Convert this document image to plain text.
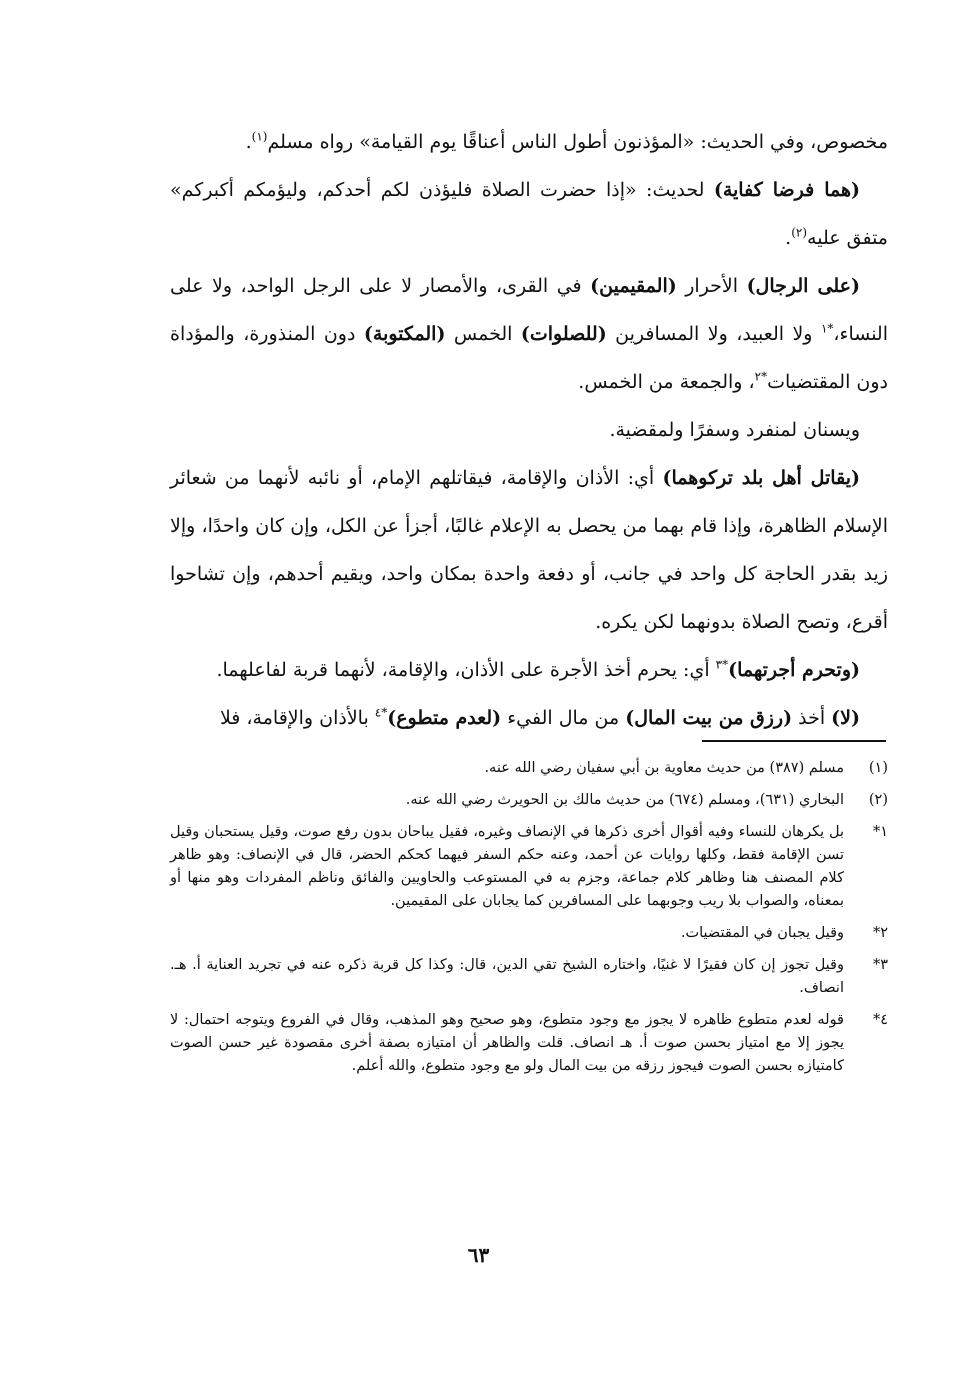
مخصوص، وفي الحديث: «المؤذنون أطول الناس أعناقًا يوم القيامة» رواه مسلم$^{(١)}$.

(هما فرضا كفاية) لحديث: «إذا حضرت الصلاة فليؤذن لكم أحدكم، وليؤمكم أكبركم» متفق عليه$^{(٢)}$.

(على الرجال) الأحرار (المقيمين) في القرى، والأمصار لا على الرجل الواحد، ولا على النساء،$^{*١}$ ولا العبيد، ولا المسافرين (للصلوات) الخمس (المكتوبة) دون المنذورة، والمؤداة دون المقتضيات$^{*٢}$، والجمعة من الخمس.

ويسنان لمنفرد وسفرًا ولمقضية.

(يقاتل أهل بلد تركوهما) أي: الأذان والإقامة، فيقاتلهم الإمام، أو نائبه لأنهما من شعائر الإسلام الظاهرة، وإذا قام بهما من يحصل به الإعلام غالبًا، أجزأ عن الكل، وإن كان واحدًا، وإلا زيد بقدر الحاجة كل واحد في جانب، أو دفعة واحدة بمكان واحد، ويقيم أحدهم، وإن تشاحوا أقرع، وتصح الصلاة بدونهما لكن يكره.

(وتحرم أجرتهما)$^{*٣}$ أي: يحرم أخذ الأجرة على الأذان، والإقامة، لأنهما قربة لفاعلهما.

(لا) أخذ (رزق من بيت المال) من مال الفيء (لعدم متطوع)$^{*٤}$ بالأذان والإقامة، فلا

(١)
مسلم (٣٨٧) من حديث معاوية بن أبي سفيان رضي الله عنه.
(٢)
البخاري (٦٣١)، ومسلم (٦٧٤) من حديث مالك بن الحويرث رضي الله عنه.
١*
بل يكرهان للنساء وفيه أقوال أخرى ذكرها في الإنصاف وغيره، فقيل يباحان بدون رفع صوت، وقيل يستحبان وقيل تسن الإقامة فقط، وكلها روايات عن أحمد، وعنه حكم السفر فيهما كحكم الحضر، قال في الإنصاف: وهو ظاهر كلام المصنف هنا وظاهر كلام جماعة، وجزم به في المستوعب والحاويين والفائق وناظم المفردات وهو منها أو بمعناه، والصواب بلا ريب وجوبهما على المسافرين كما يجابان على المقيمين.
٢*
وقيل يجبان في المقتضيات.
٣*
وقيل تجوز إن كان فقيرًا لا غنيًا، واختاره الشيخ تقي الدين، قال: وكذا كل قربة ذكره عنه في تجريد العناية أ. هـ. انصاف.
٤*
قوله لعدم متطوع ظاهره لا يجوز مع وجود متطوع، وهو صحيح وهو المذهب، وقال في الفروع ويتوجه احتمال: لا يجوز إلا مع امتياز بحسن صوت أ. هـ انصاف. قلت والظاهر أن امتيازه بصفة أخرى مقصودة غير حسن الصوت كامتيازه بحسن الصوت فيجوز رزقه من بيت المال ولو مع وجود متطوع، والله أعلم.
٦٣
